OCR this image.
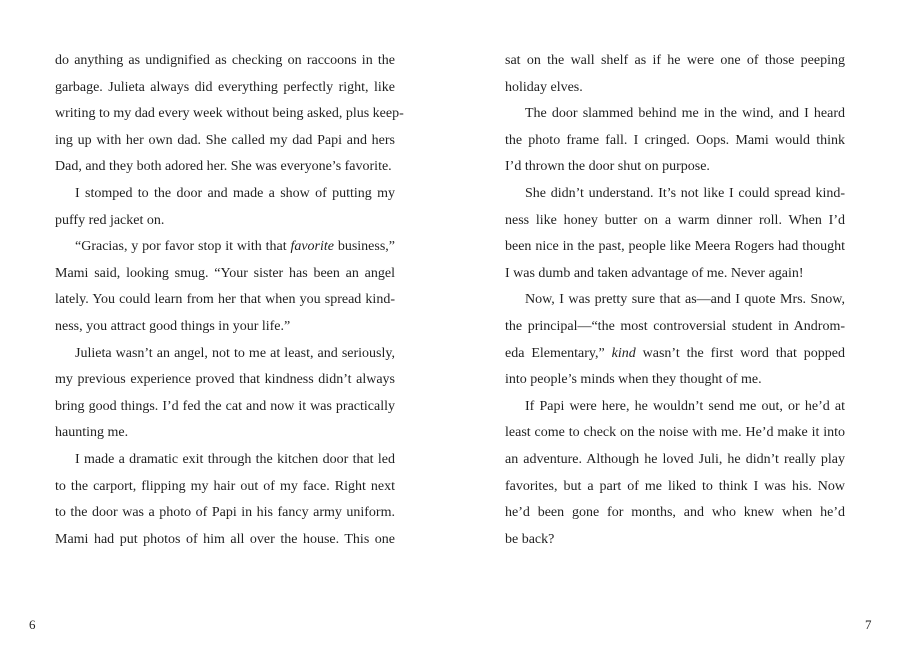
do anything as undignified as checking on raccoons in the
garbage. Julieta always did everything perfectly right, like
writing to my dad every week without being asked, plus keep-
ing up with her own dad. She called my dad Papi and hers
Dad, and they both adored her. She was everyone’s favorite.
I stomped to the door and made a show of putting my
puffy red jacket on.
“Gracias, y por favor stop it with that favorite business,”
Mami said, looking smug. “Your sister has been an angel
lately. You could learn from her that when you spread kind-
ness, you attract good things in your life.”
Julieta wasn’t an angel, not to me at least, and seriously,
my previous experience proved that kindness didn’t always
bring good things. I’d fed the cat and now it was practically
haunting me.
I made a dramatic exit through the kitchen door that led
to the carport, flipping my hair out of my face. Right next
to the door was a photo of Papi in his fancy army uniform.
Mami had put photos of him all over the house. This one
6
sat on the wall shelf as if he were one of those peeping
holiday elves.
The door slammed behind me in the wind, and I heard
the photo frame fall. I cringed. Oops. Mami would think
I’d thrown the door shut on purpose.
She didn’t understand. It’s not like I could spread kind-
ness like honey butter on a warm dinner roll. When I’d
been nice in the past, people like Meera Rogers had thought
I was dumb and taken advantage of me. Never again!
Now, I was pretty sure that as—and I quote Mrs. Snow,
the principal—“the most controversial student in Androm-
eda Elementary,” kind wasn’t the first word that popped
into people’s minds when they thought of me.
If Papi were here, he wouldn’t send me out, or he’d at
least come to check on the noise with me. He’d make it into
an adventure. Although he loved Juli, he didn’t really play
favorites, but a part of me liked to think I was his. Now
he’d been gone for months, and who knew when he’d
be back?
7
